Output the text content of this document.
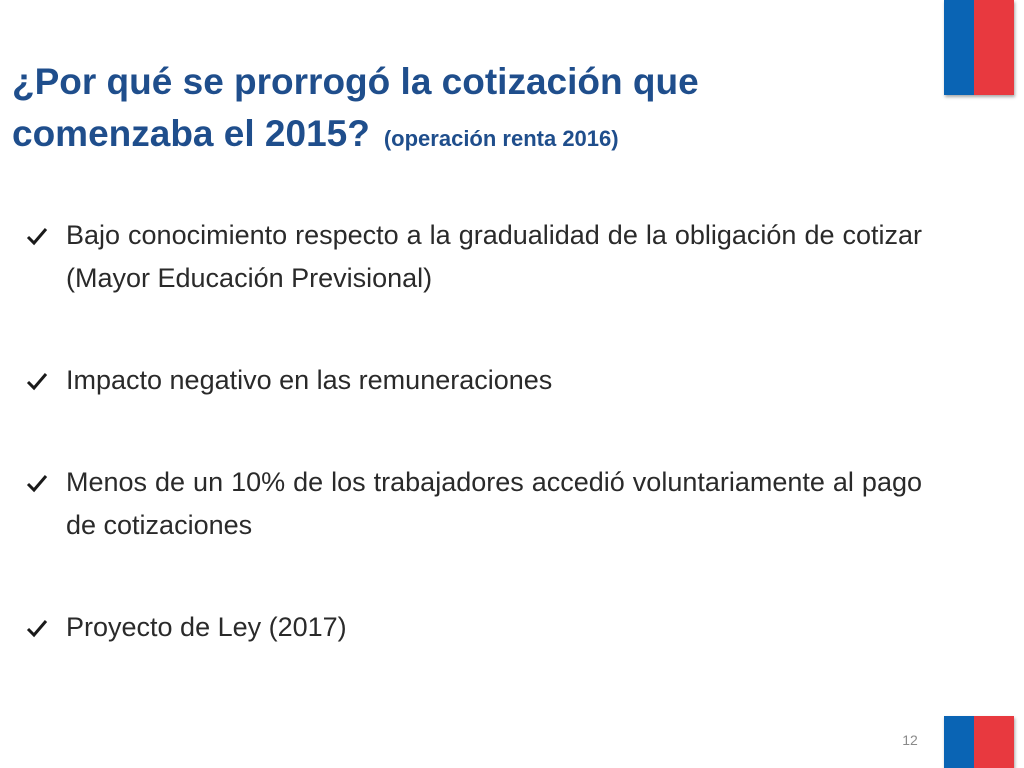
¿Por qué se prorrogó la cotización que
comenzaba el 2015? (operación renta 2016)
Bajo conocimiento respecto a la gradualidad de la obligación de cotizar (Mayor Educación Previsional)
Impacto negativo en las remuneraciones
Menos de un 10% de los trabajadores accedió voluntariamente al pago de cotizaciones
Proyecto de Ley (2017)
12
